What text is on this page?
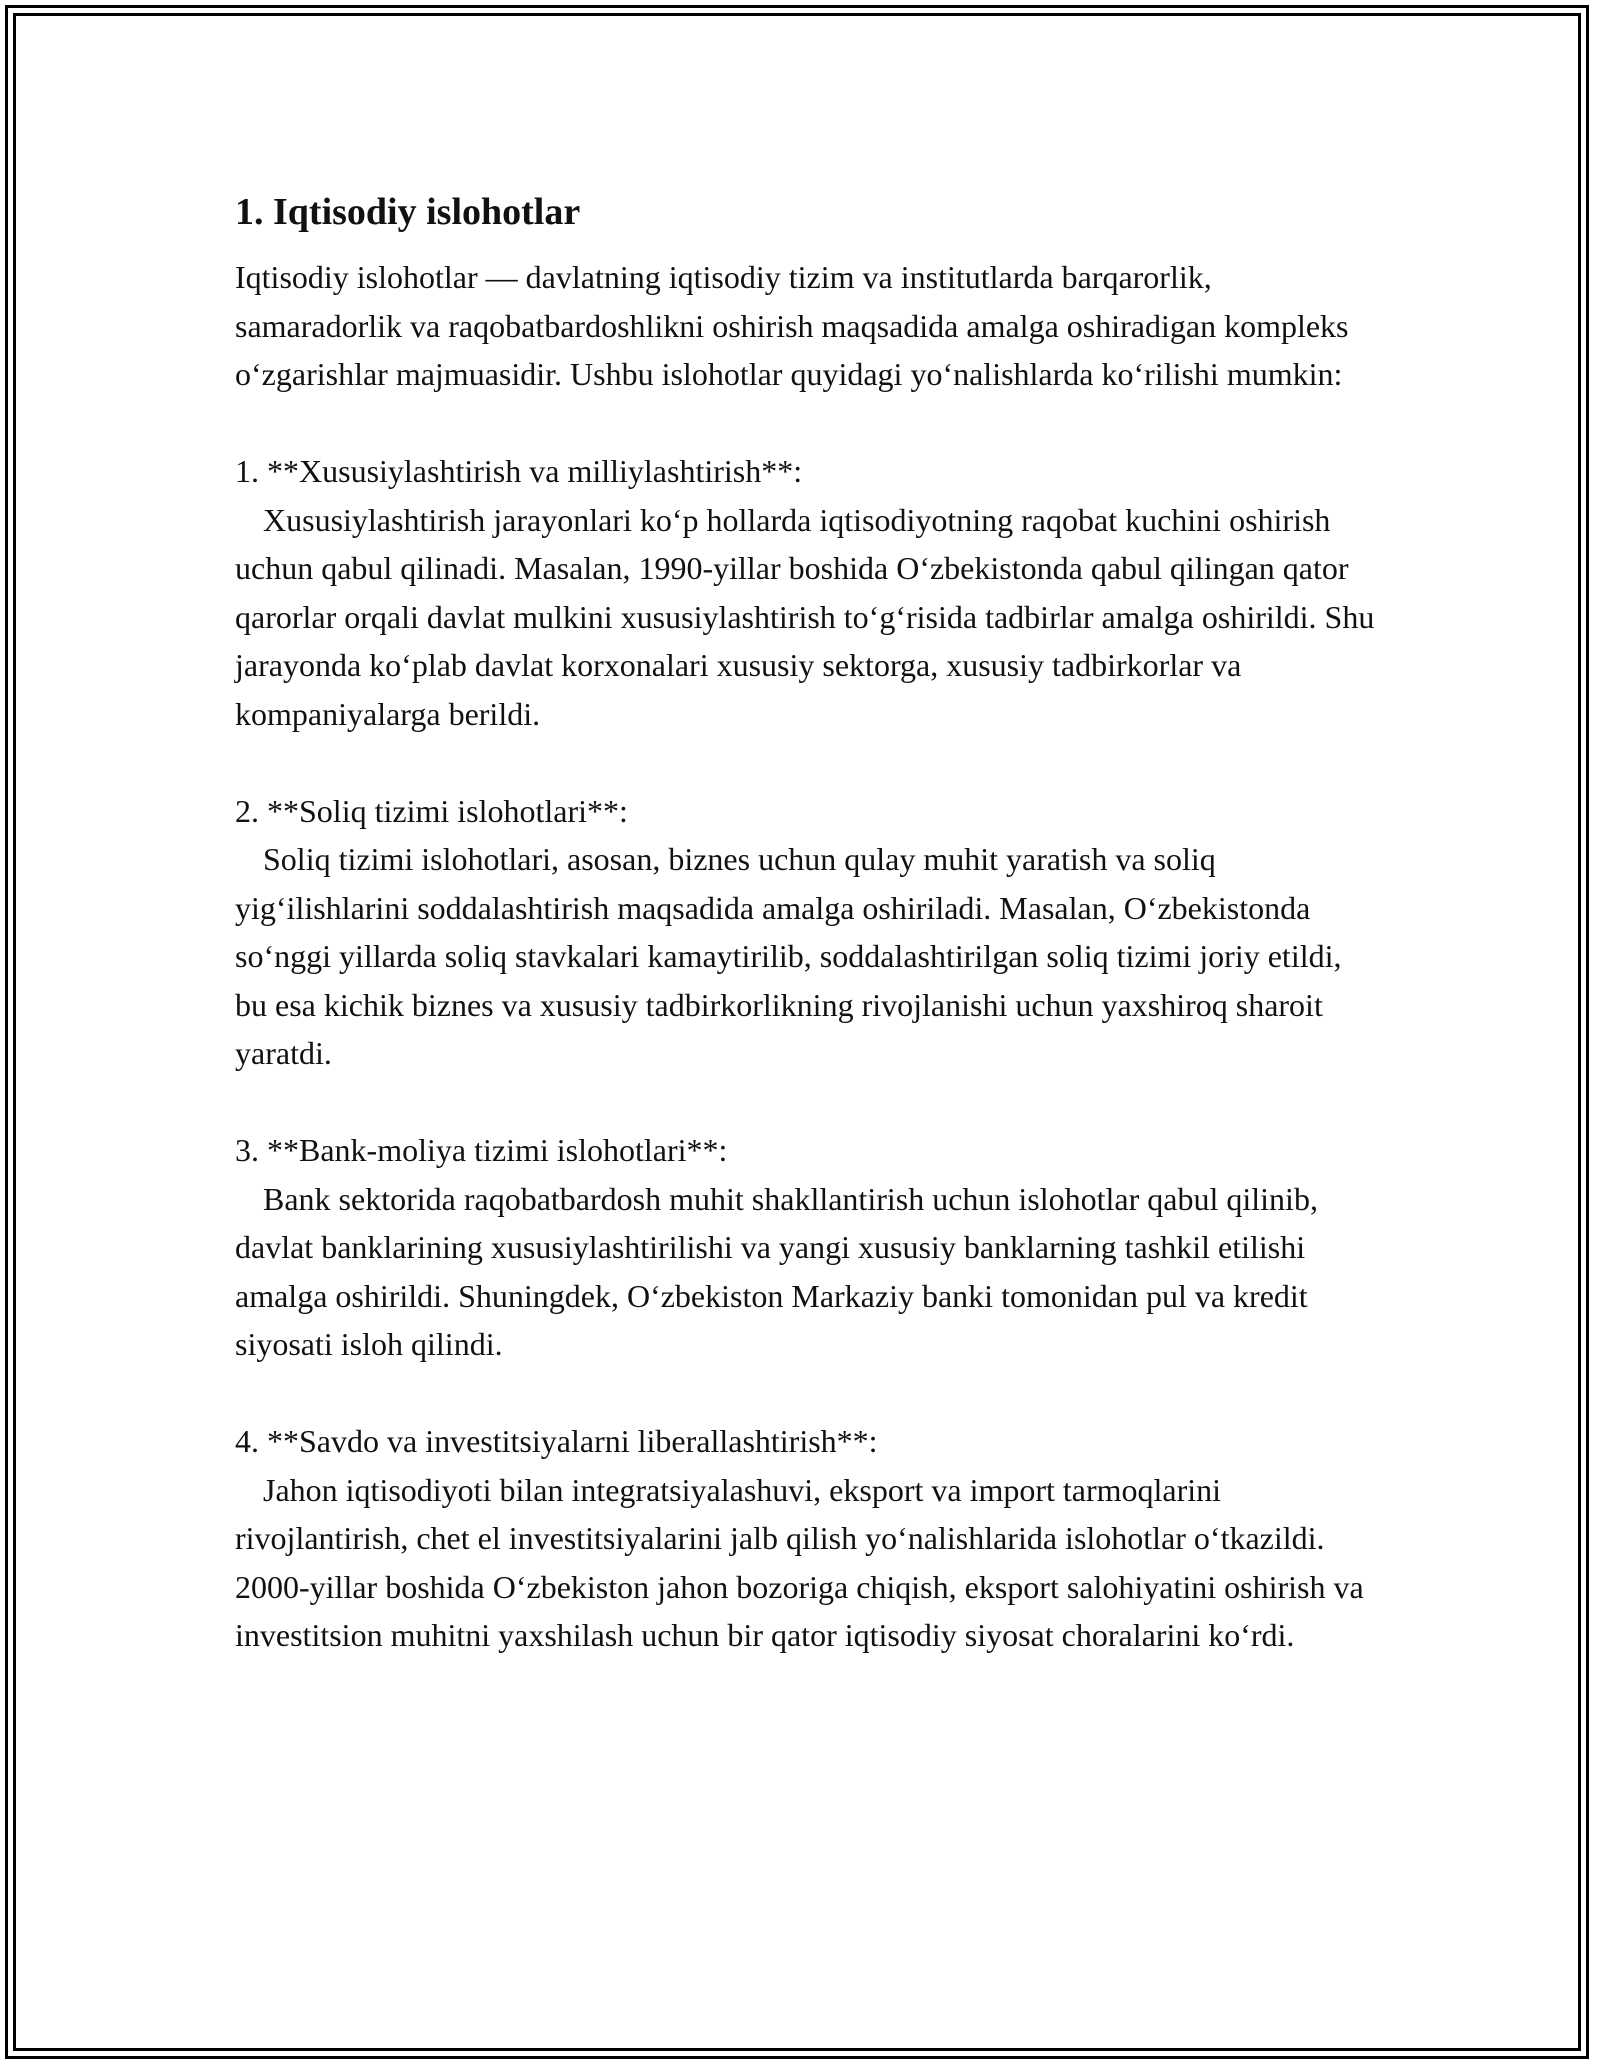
1. Iqtisodiy islohotlar

Iqtisodiy islohotlar — davlatning iqtisodiy tizim va institutlarda barqarorlik, samaradorlik va raqobatbardoshlikni oshirish maqsadida amalga oshiradigan kompleks o‘zgarishlar majmuasidir. Ushbu islohotlar quyidagi yo‘nalishlarda ko‘rilishi mumkin:

1. **Xususiylashtirish va milliylashtirish**:

Xususiylashtirish jarayonlari ko‘p hollarda iqtisodiyotning raqobat kuchini oshirish uchun qabul qilinadi. Masalan, 1990-yillar boshida O‘zbekistonda qabul qilingan qator qarorlar orqali davlat mulkini xususiylashtirish to‘g‘risida tadbirlar amalga oshirildi. Shu jarayonda ko‘plab davlat korxonalari xususiy sektorga, xususiy tadbirkorlar va kompaniyalarga berildi.

2. **Soliq tizimi islohotlari**:

Soliq tizimi islohotlari, asosan, biznes uchun qulay muhit yaratish va soliq yig‘ilishlarini soddalashtirish maqsadida amalga oshiriladi. Masalan, O‘zbekistonda so‘nggi yillarda soliq stavkalari kamaytirilib, soddalashtirilgan soliq tizimi joriy etildi, bu esa kichik biznes va xususiy tadbirkorlikning rivojlanishi uchun yaxshiroq sharoit yaratdi.

3. **Bank-moliya tizimi islohotlari**:

Bank sektorida raqobatbardosh muhit shakllantirish uchun islohotlar qabul qilinib, davlat banklarining xususiylashtirilishi va yangi xususiy banklarning tashkil etilishi amalga oshirildi. Shuningdek, O‘zbekiston Markaziy banki tomonidan pul va kredit siyosati isloh qilindi.

4. **Savdo va investitsiyalarni liberallashtirish**:

Jahon iqtisodiyoti bilan integratsiyalashuvi, eksport va import tarmoqlarini rivojlantirish, chet el investitsiyalarini jalb qilish yo‘nalishlarida islohotlar o‘tkazildi. 2000-yillar boshida O‘zbekiston jahon bozoriga chiqish, eksport salohiyatini oshirish va investitsion muhitni yaxshilash uchun bir qator iqtisodiy siyosat choralarini ko‘rdi.
